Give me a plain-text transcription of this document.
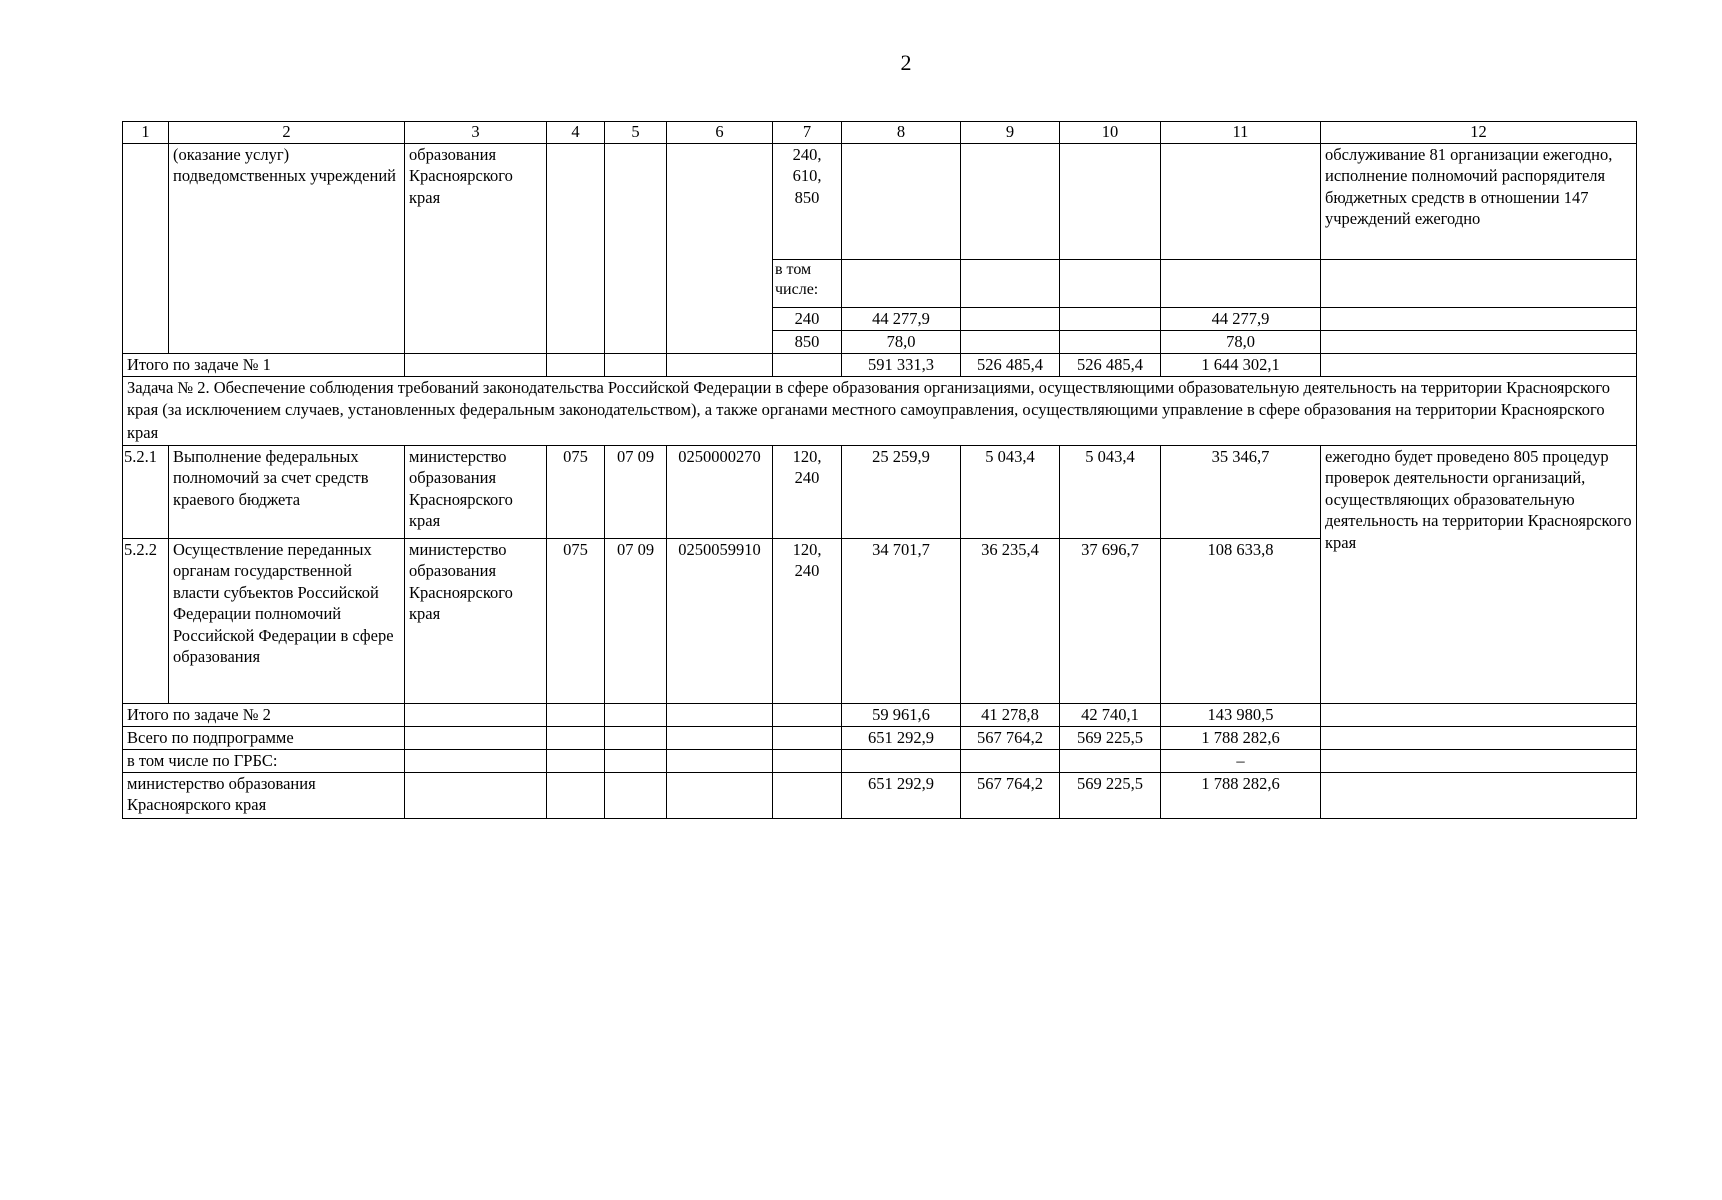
2
1	2	3	4	5	6	7	8	9	10	11	12
	(оказание услуг) подведомственных учреждений	образования Красноярского края				240, 610, 850					обслуживание 81 организации ежегодно, исполнение полномочий распорядителя бюджетных средств в отношении 147 учреждений ежегодно
						в том числе:					
						240	44 277,9			44 277,9	
						850	78,0			78,0	
Итого по задаче № 1							591 331,3	526 485,4	526 485,4	1 644 302,1	
Задача № 2. Обеспечение соблюдения требований законодательства Российской Федерации в сфере образования организациями, осуществляющими образовательную деятельность на территории Красноярского края (за исключением случаев, установленных федеральным законодательством), а также органами местного самоуправления, осуществляющими управление в сфере образования на территории Красноярского края											
5.2.1	Выполнение федеральных полномочий за счет средств краевого бюджета	министерство образования Красноярского края	075	07 09	0250000270	120, 240	25 259,9	5 043,4	5 043,4	35 346,7	ежегодно будет проведено 805 процедур проверок деятельности организаций, осуществляющих образовательную деятельность на территории Красноярского края
5.2.2	Осуществление переданных органам государственной власти субъектов Российской Федерации полномочий Российской Федерации в сфере образования	министерство образования Красноярского края	075	07 09	0250059910	120, 240	34 701,7	36 235,4	37 696,7	108 633,8	
Итого по задаче № 2							59 961,6	41 278,8	42 740,1	143 980,5	
Всего по подпрограмме							651 292,9	567 764,2	569 225,5	1 788 282,6	
в том числе по ГРБС:										–	
министерство образования Красноярского края							651 292,9	567 764,2	569 225,5	1 788 282,6	
